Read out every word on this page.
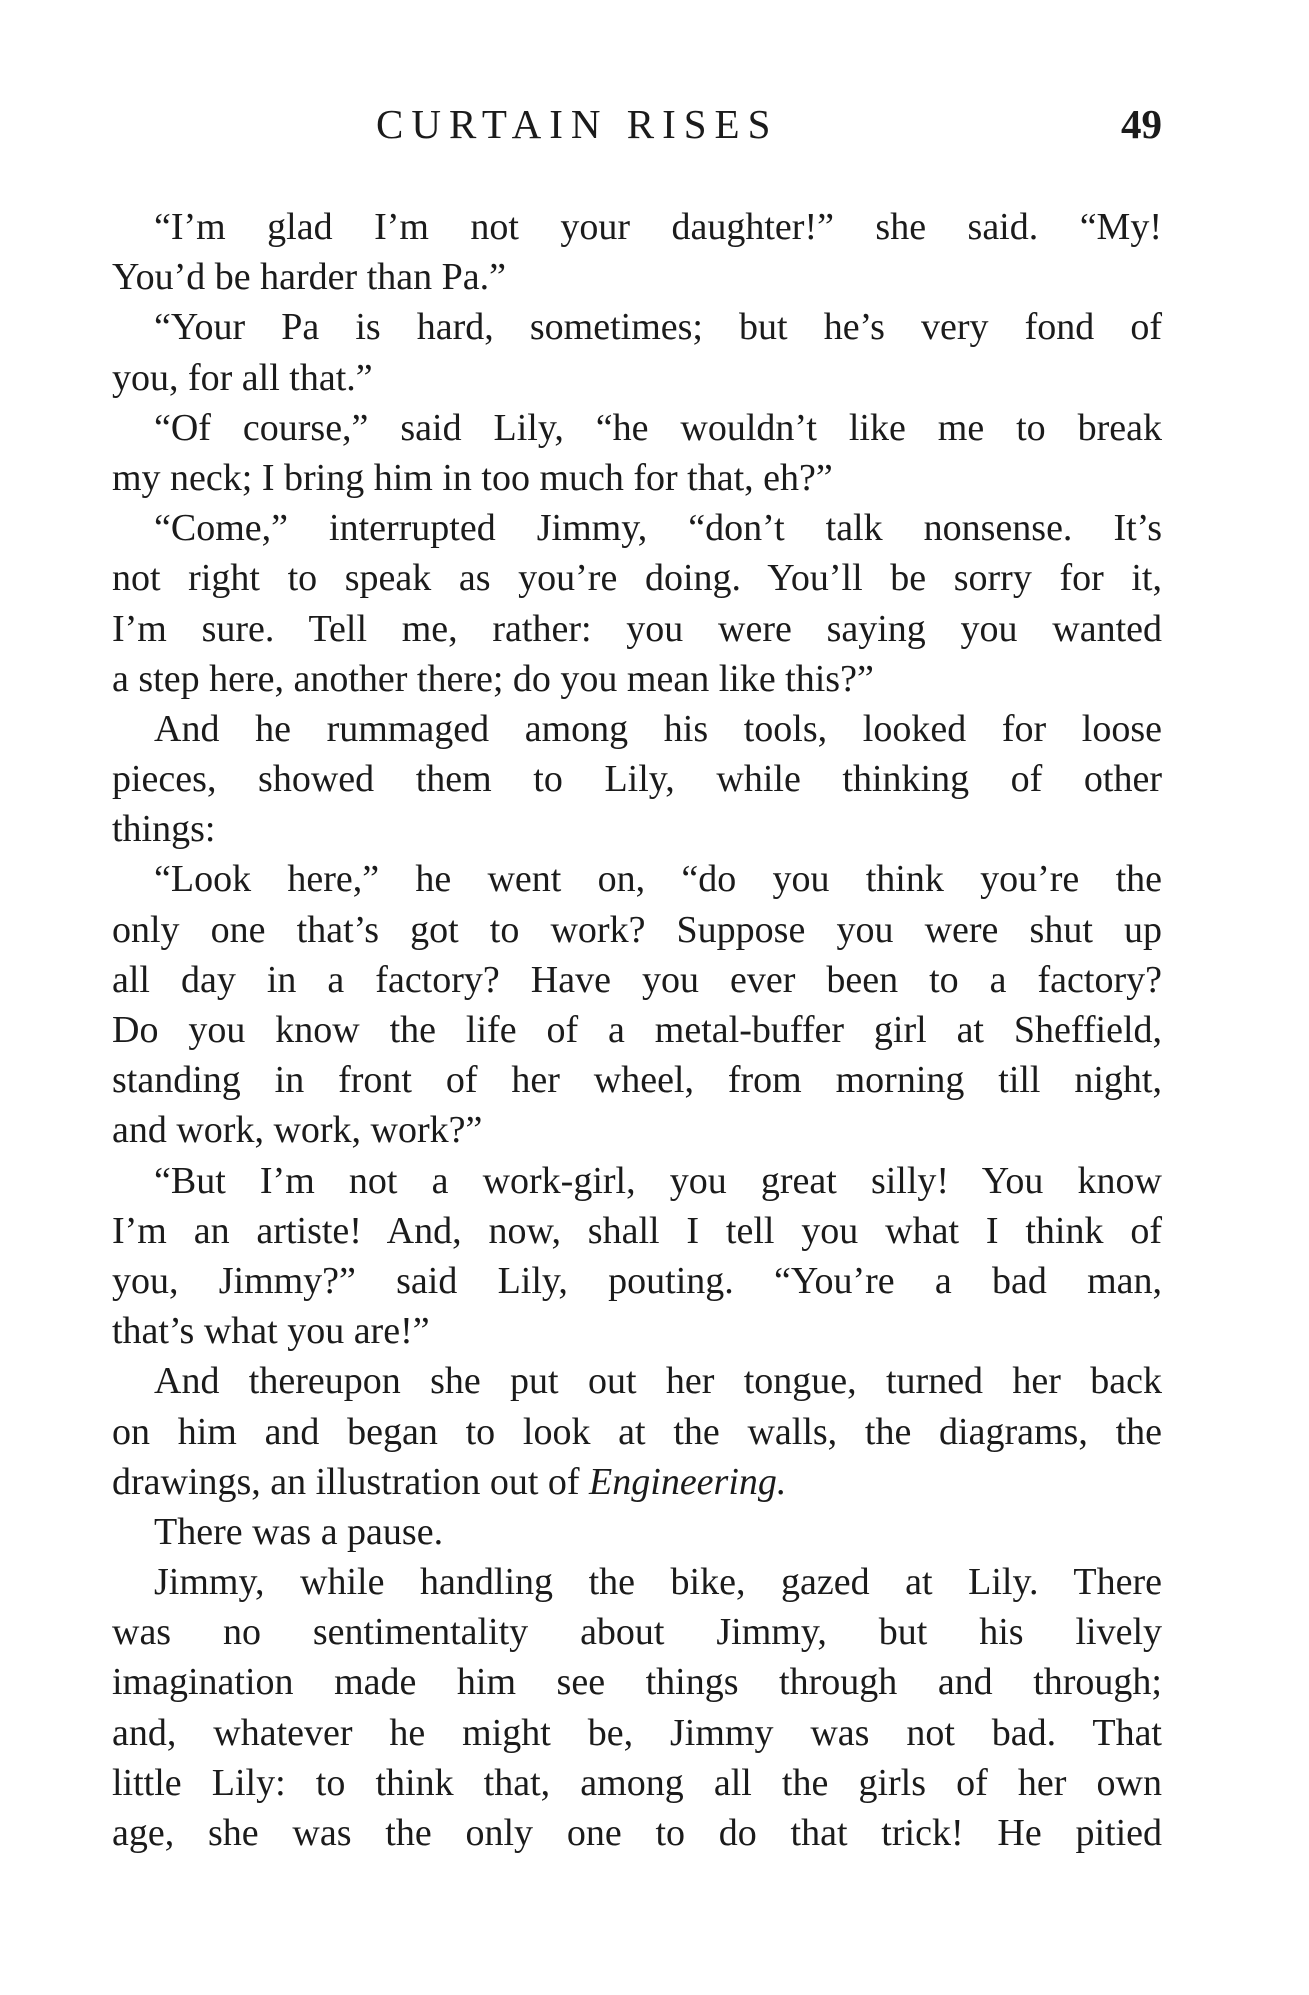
CURTAIN RISES	49
“I’m glad I’m not your daughter!” she said. “My!
You’d be harder than Pa.”
“Your Pa is hard, sometimes; but he’s very fond of
you, for all that.”
“Of course,” said Lily, “he wouldn’t like me to break
my neck; I bring him in too much for that, eh?”
“Come,” interrupted Jimmy, “don’t talk nonsense. It’s
not right to speak as you’re doing. You’ll be sorry for it,
I’m sure. Tell me, rather: you were saying you wanted
a step here, another there; do you mean like this?”
And he rummaged among his tools, looked for loose
pieces, showed them to Lily, while thinking of other
things:
“Look here,” he went on, “do you think you’re the
only one that’s got to work? Suppose you were shut up
all day in a factory? Have you ever been to a factory?
Do you know the life of a metal-buffer girl at Sheffield,
standing in front of her wheel, from morning till night,
and work, work, work?”
“But I’m not a work-girl, you great silly! You know
I’m an artiste! And, now, shall I tell you what I think of
you, Jimmy?” said Lily, pouting. “You’re a bad man,
that’s what you are!”
And thereupon she put out her tongue, turned her back
on him and began to look at the walls, the diagrams, the
drawings, an illustration out of Engineering.
There was a pause.
Jimmy, while handling the bike, gazed at Lily. There
was no sentimentality about Jimmy, but his lively
imagination made him see things through and through;
and, whatever he might be, Jimmy was not bad. That
little Lily: to think that, among all the girls of her own
age, she was the only one to do that trick! He pitied
